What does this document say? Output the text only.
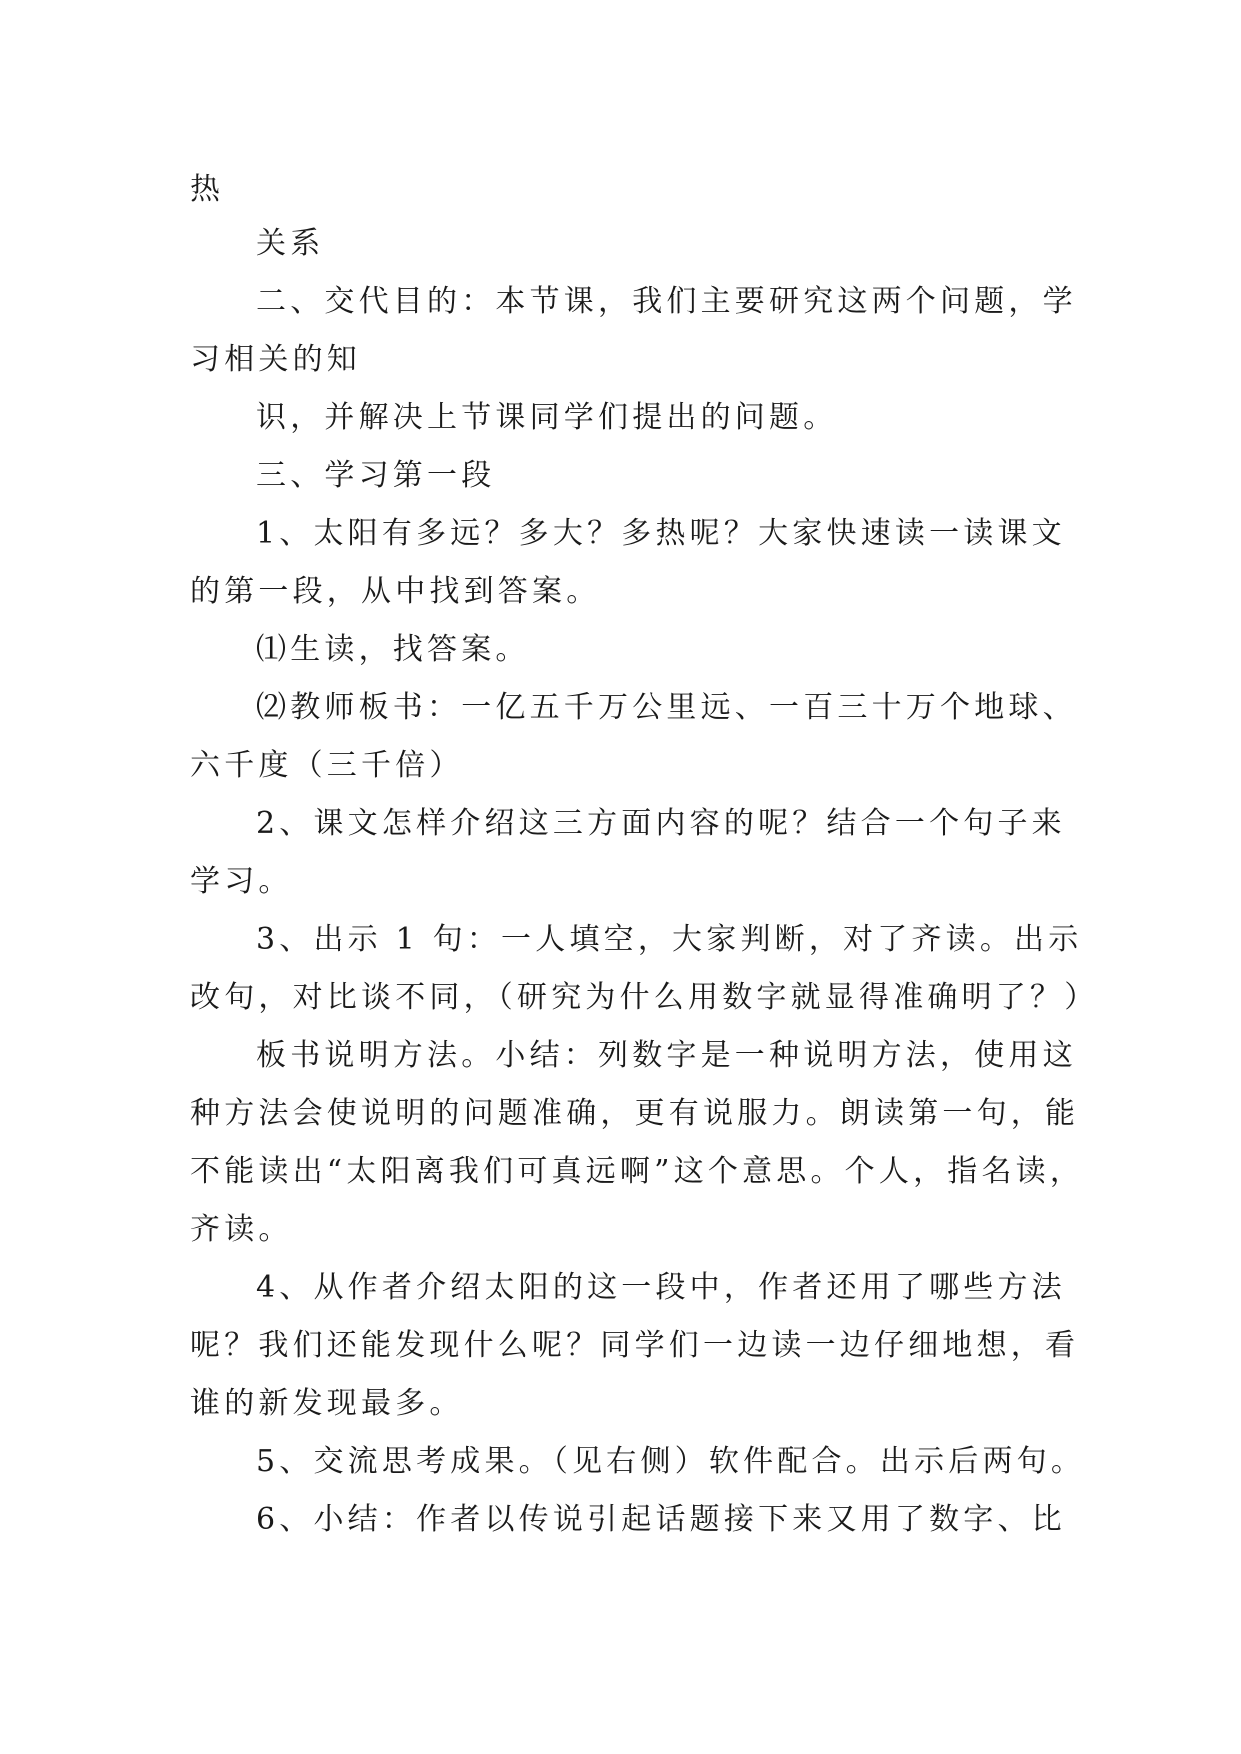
热
关系
二、交代目的：本节课，我们主要研究这两个问题，学
习相关的知
识，并解决上节课同学们提出的问题。
三、学习第一段
1、太阳有多远？多大？多热呢？大家快速读一读课文
的第一段，从中找到答案。
⑴生读，找答案。
⑵教师板书：一亿五千万公里远、一百三十万个地球、
六千度（三千倍）
2、课文怎样介绍这三方面内容的呢？结合一个句子来
学习。
3、出示 1 句：一人填空，大家判断，对了齐读。出示
改句，对比谈不同，（研究为什么用数字就显得准确明了？）
板书说明方法。小结：列数字是一种说明方法，使用这
种方法会使说明的问题准确，更有说服力。朗读第一句，能
不能读出“太阳离我们可真远啊”这个意思。个人，指名读，
齐读。
4、从作者介绍太阳的这一段中，作者还用了哪些方法
呢？我们还能发现什么呢？同学们一边读一边仔细地想，看
谁的新发现最多。
5、交流思考成果。（见右侧）软件配合。出示后两句。
6、小结：作者以传说引起话题接下来又用了数字、比
